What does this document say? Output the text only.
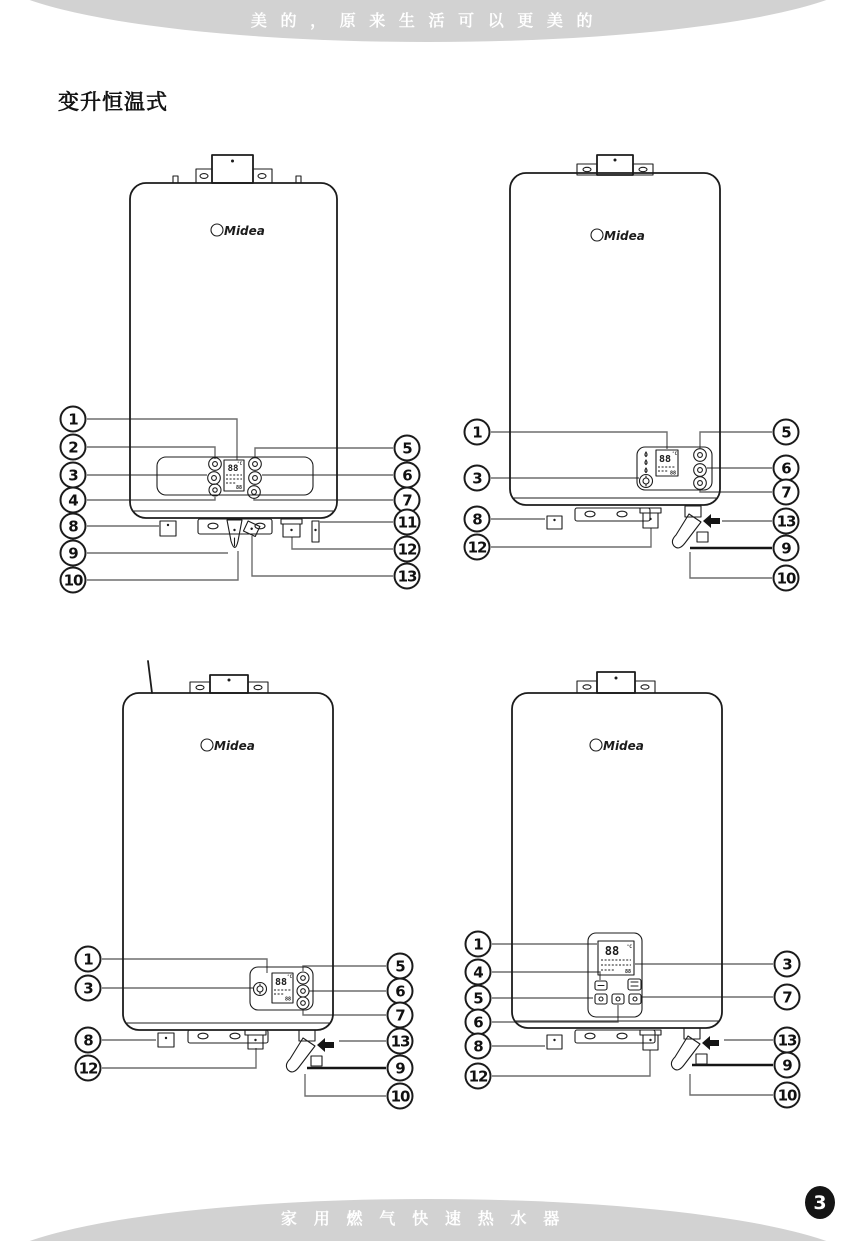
美的，原来生活可以更美的
变升恒温式
Midea
88
°C
88
1
2
3
4
8
9
10
5
6
7
11
12
13
Midea
88
°C
88
1
3
8
12
5
6
7
13
9
10
Midea
88
°C
88
1
3
8
12
5
6
7
13
9
10
Midea
88 °C
88
1
4
5
6
8
12
3
7
13
9
10
家用燃气快速热水器
3
